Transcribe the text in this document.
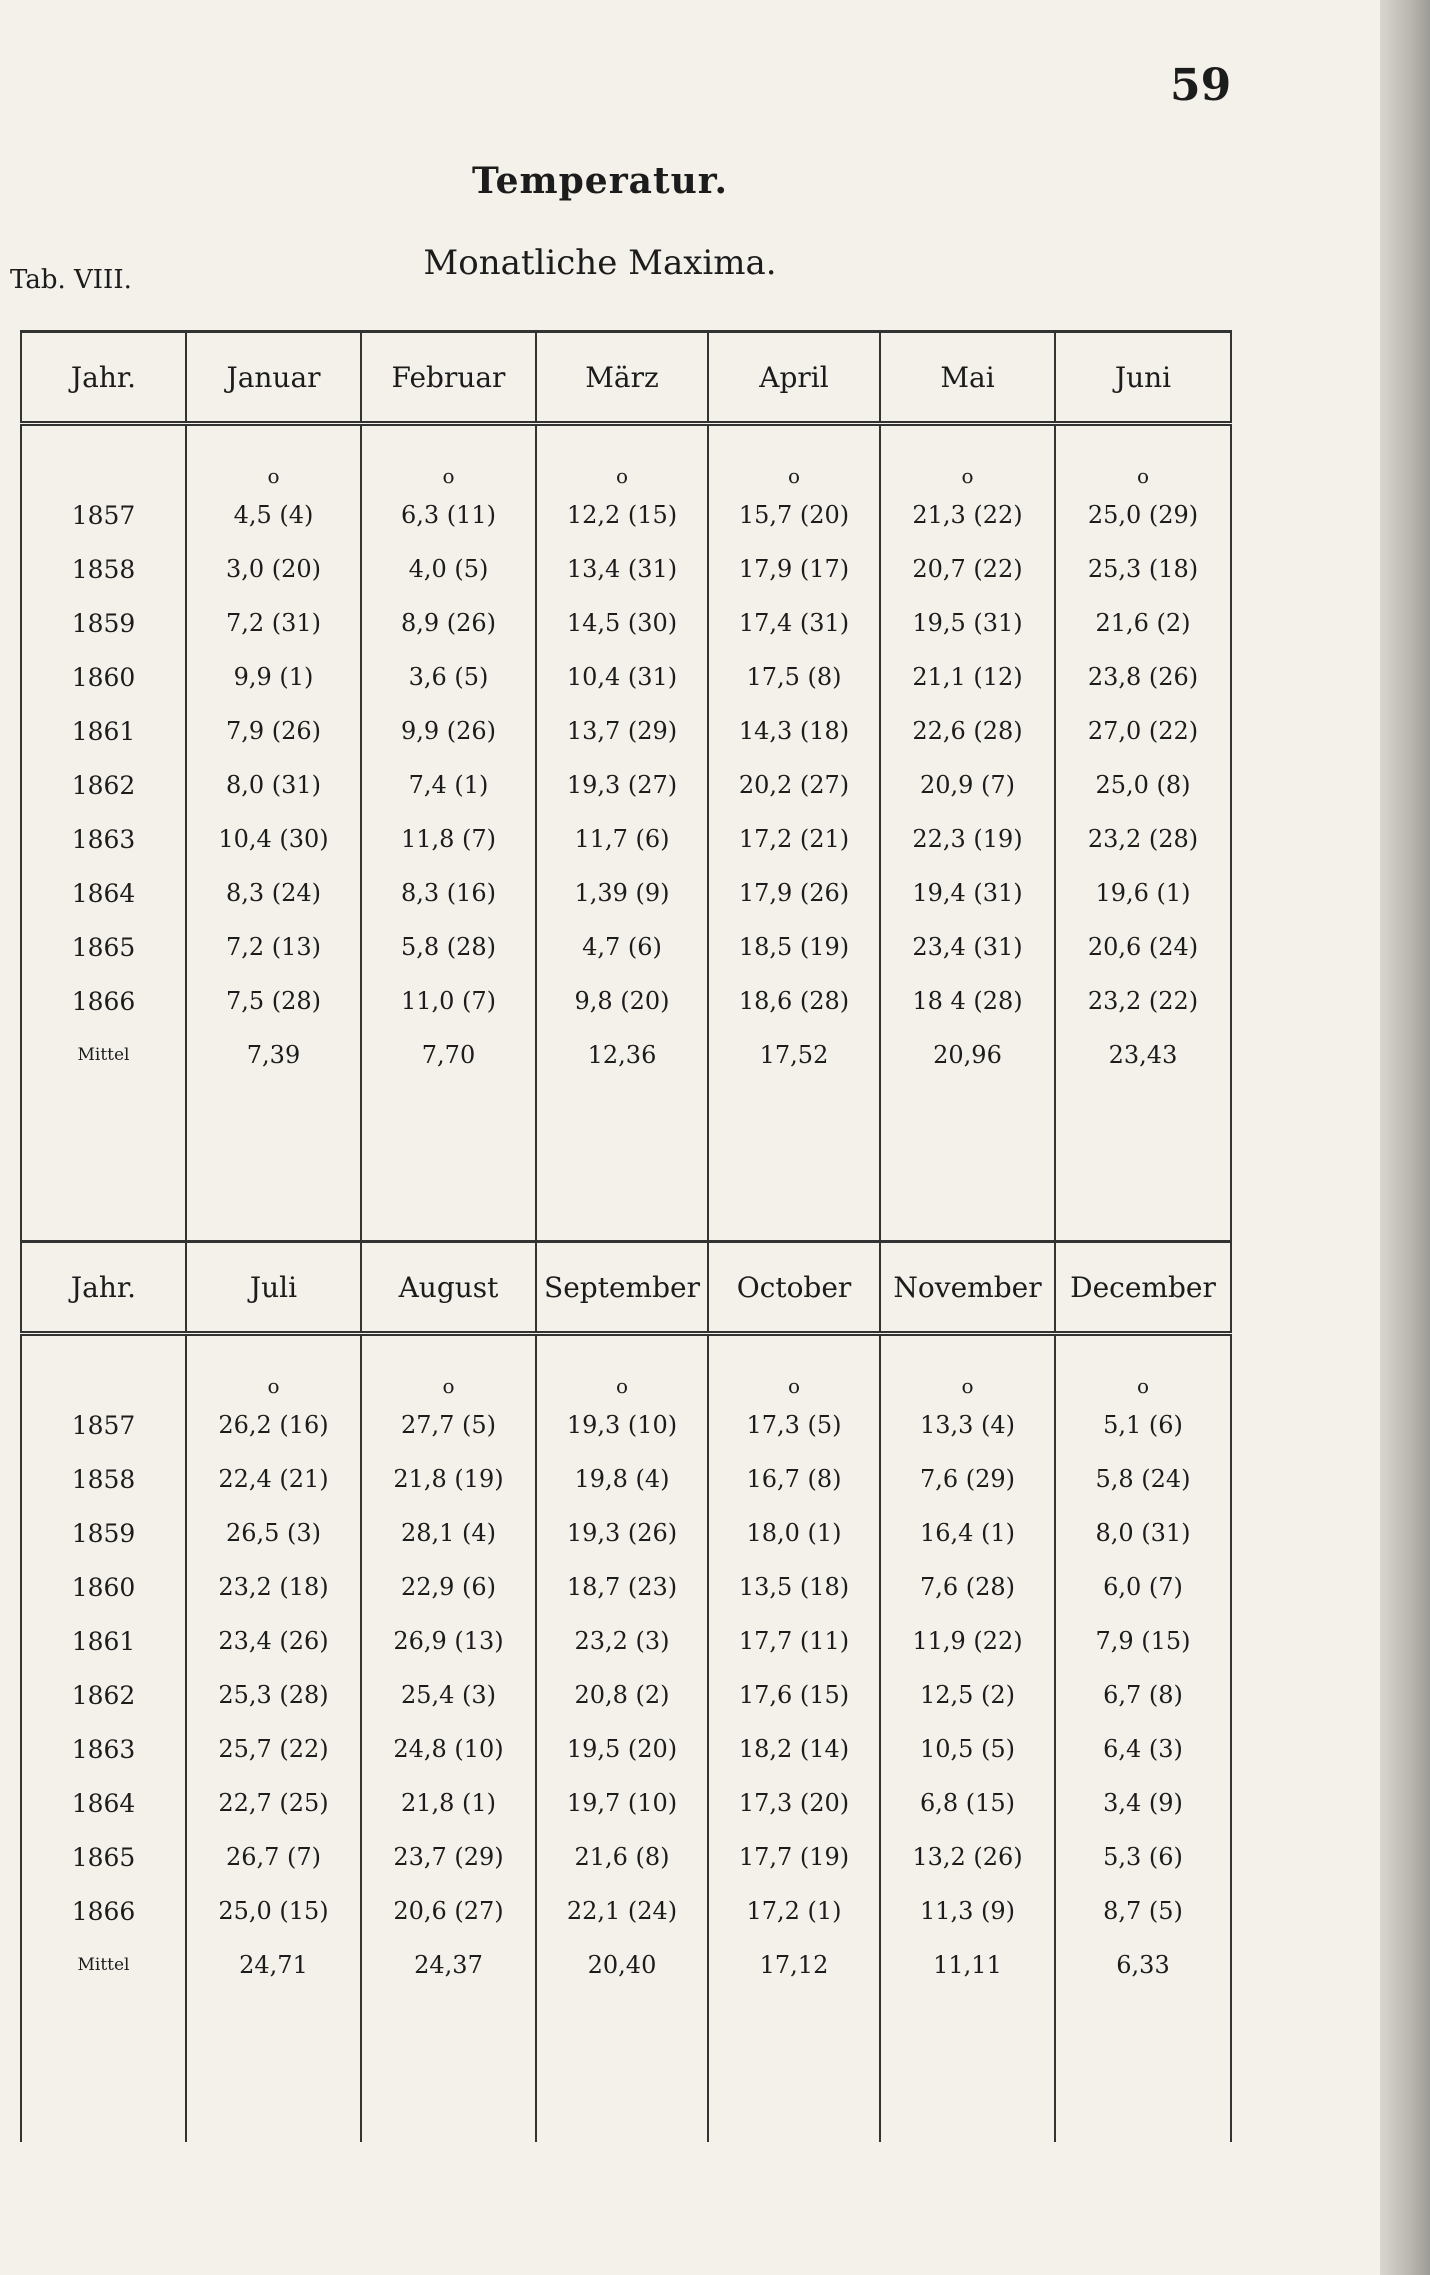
59
Temperatur.
Monatliche Maxima.
Tab. VIII.
Jahr.	Januar	Februar	März	April	Mai	Juni
	o	o	o	o	o	o
1857	4,5 (4)	6,3 (11)	12,2 (15)	15,7 (20)	21,3 (22)	25,0 (29)
1858	3,0 (20)	4,0 (5)	13,4 (31)	17,9 (17)	20,7 (22)	25,3 (18)
1859	7,2 (31)	8,9 (26)	14,5 (30)	17,4 (31)	19,5 (31)	21,6 (2)
1860	9,9 (1)	3,6 (5)	10,4 (31)	17,5 (8)	21,1 (12)	23,8 (26)
1861	7,9 (26)	9,9 (26)	13,7 (29)	14,3 (18)	22,6 (28)	27,0 (22)
1862	8,0 (31)	7,4 (1)	19,3 (27)	20,2 (27)	20,9 (7)	25,0 (8)
1863	10,4 (30)	11,8 (7)	11,7 (6)	17,2 (21)	22,3 (19)	23,2 (28)
1864	8,3 (24)	8,3 (16)	1,39 (9)	17,9 (26)	19,4 (31)	19,6 (1)
1865	7,2 (13)	5,8 (28)	4,7 (6)	18,5 (19)	23,4 (31)	20,6 (24)
1866	7,5 (28)	11,0 (7)	9,8 (20)	18,6 (28)	18 4 (28)	23,2 (22)
Mittel	7,39	7,70	12,36	17,52	20,96	23,43

Jahr.	Juli	August	September	October	November	December
	o	o	o	o	o	o
1857	26,2 (16)	27,7 (5)	19,3 (10)	17,3 (5)	13,3 (4)	5,1 (6)
1858	22,4 (21)	21,8 (19)	19,8 (4)	16,7 (8)	7,6 (29)	5,8 (24)
1859	26,5 (3)	28,1 (4)	19,3 (26)	18,0 (1)	16,4 (1)	8,0 (31)
1860	23,2 (18)	22,9 (6)	18,7 (23)	13,5 (18)	7,6 (28)	6,0 (7)
1861	23,4 (26)	26,9 (13)	23,2 (3)	17,7 (11)	11,9 (22)	7,9 (15)
1862	25,3 (28)	25,4 (3)	20,8 (2)	17,6 (15)	12,5 (2)	6,7 (8)
1863	25,7 (22)	24,8 (10)	19,5 (20)	18,2 (14)	10,5 (5)	6,4 (3)
1864	22,7 (25)	21,8 (1)	19,7 (10)	17,3 (20)	6,8 (15)	3,4 (9)
1865	26,7 (7)	23,7 (29)	21,6 (8)	17,7 (19)	13,2 (26)	5,3 (6)
1866	25,0 (15)	20,6 (27)	22,1 (24)	17,2 (1)	11,3 (9)	8,7 (5)
Mittel	24,71	24,37	20,40	17,12	11,11	6,33
